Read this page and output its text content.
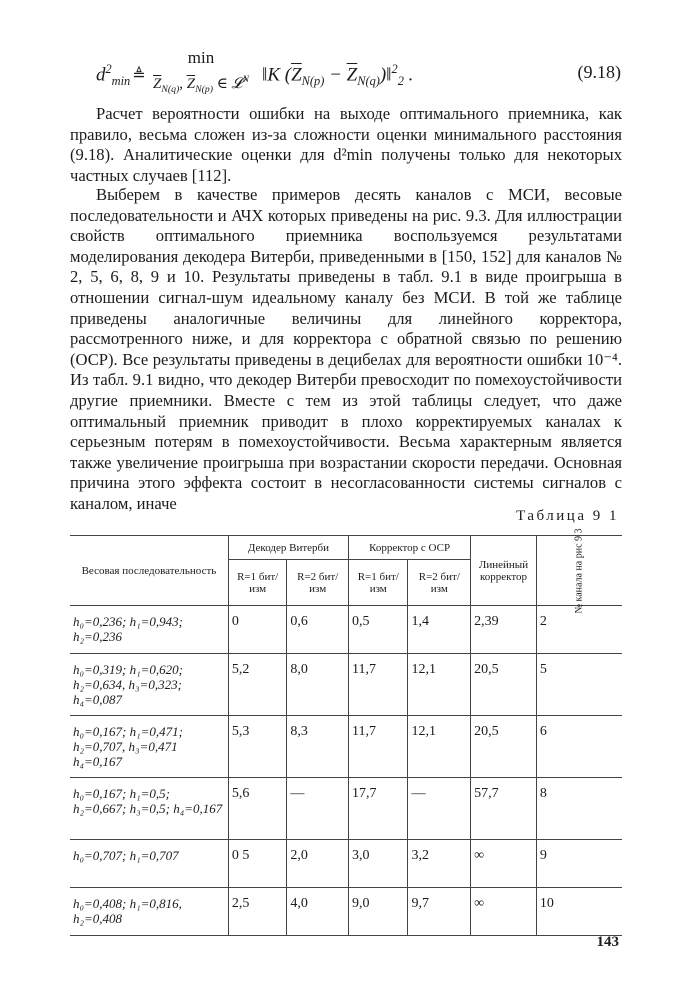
$d^2_{min}$ ≜
min
$\overline{Z}_{N(q)}$, $\overline{Z}_{N(p)}$ ∈ 𝓛$^N$ ‖K ($\overline{Z}_{N(p)}$ − $\overline{Z}_{N(q)})‖^2_2$ .	(9.18)

Расчет вероятности ошибки на выходе оптимального приемника, как правило, весьма сложен из-за сложности оценки минимального расстояния (9.18). Аналитические оценки для d²min получены только для некоторых частных случаев [112].

Выберем в качестве примеров десять каналов с МСИ, весовые последовательности и АЧХ которых приведены на рис. 9.3. Для иллюстрации свойств оптимального приемника воспользуемся результатами моделирования декодера Витерби, приведенными в [150, 152] для каналов № 2, 5, 6, 8, 9 и 10. Результаты приведены в табл. 9.1 в виде проигрыша в отношении сигнал-шум идеальному каналу без МСИ. В той же таблице приведены аналогичные величины для линейного корректора, рассмотренного ниже, и для корректора с обратной связью по решению (ОСР). Все результаты приведены в децибелах для вероятности ошибки 10⁻⁴. Из табл. 9.1 видно, что декодер Витерби превосходит по помехоустойчивости другие приемники. Вместе с тем из этой таблицы следует, что даже оптимальный приемник приводит в плохо корректируемых каналах к серьезным потерям в помехоустойчивости. Весьма характерным является также увеличение проигрыша при возрастании скорости передачи. Основная причина этого эффекта состоит в несогласованности системы сигналов с каналом, иначе

Таблица 9 1
Весовая последовательность	Декодер Витерби		Корректор с ОСР		Линейный корректор	№ канала на рис 9 3

	R=1 бит/изм	R=2 бит/изм	R=1 бит/изм	R=2 бит/изм		
h₀=0,236; h₁=0,943; h₂=0,236	0	0,6	0,5	1,4	2,39	2
h₀=0,319; h₁=0,620; h₂=0,634, h₃=0,323; h₄=0,087	5,2	8,0	11,7	12,1	20,5	5
h₀=0,167; h₁=0,471; h₂=0,707, h₃=0,471 h₄=0,167	5,3	8,3	11,7	12,1	20,5	6
h₀=0,167; h₁=0,5; h₂=0,667; h₃=0,5; h₄=0,167	5,6	—	17,7	—	57,7	8
h₀=0,707; h₁=0,707	0 5	2,0	3,0	3,2	∞	9
h₀=0,408; h₁=0,816, h₂=0,408	2,5	4,0	9,0	9,7	∞	10
143
